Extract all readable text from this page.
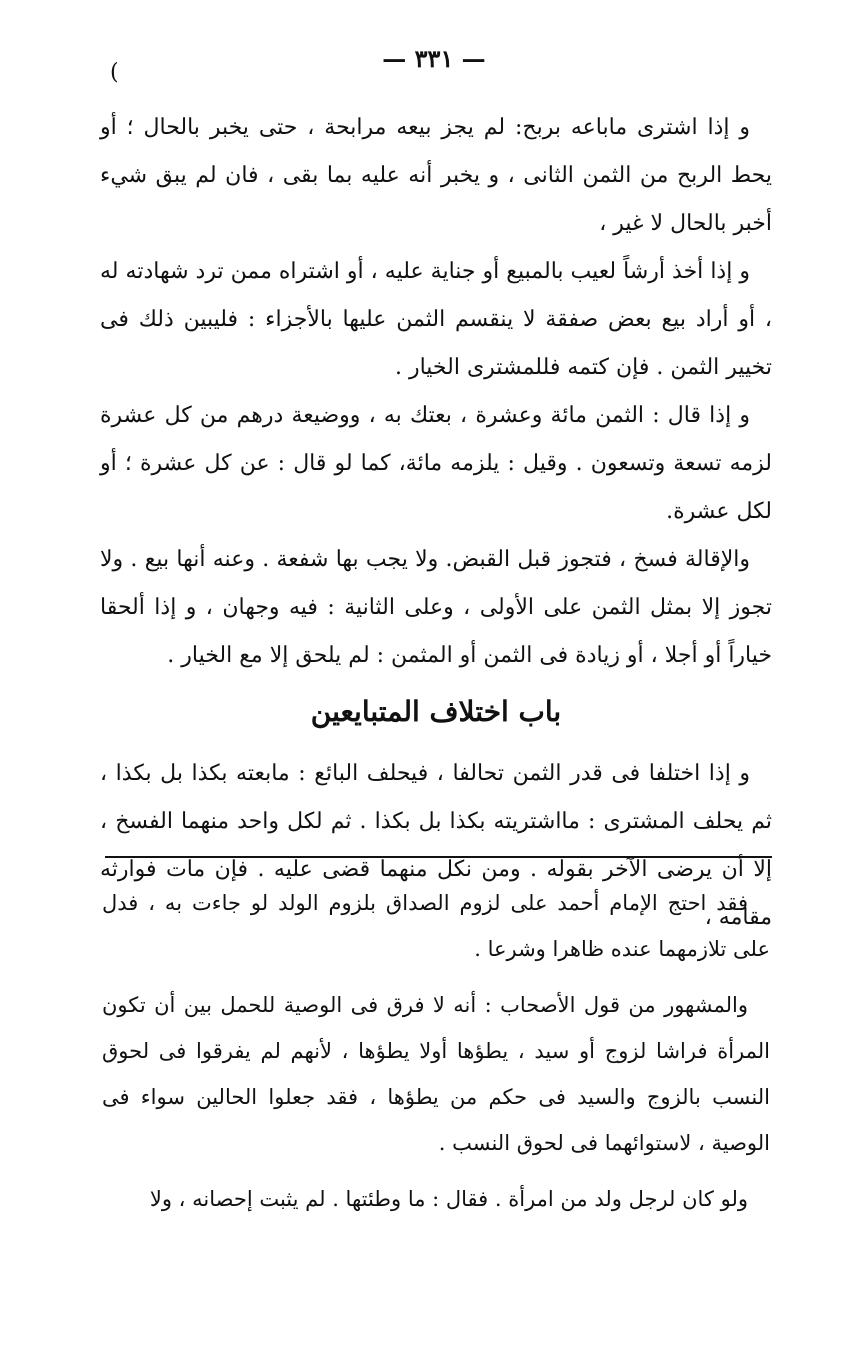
— ٣٣١ —
(

و إذا اشترى ماباعه بربح: لم يجز بيعه مرابحة ، حتى يخبر بالحال ؛ أو يحط الربح من الثمن الثانى ، و يخبر أنه عليه بما بقى ، فان لم يبق شيء أخبر بالحال لا غير ،

و إذا أخذ أرشاً لعيب بالمبيع أو جناية عليه ، أو اشتراه ممن ترد شهادته له ، أو أراد بيع بعض صفقة لا ينقسم الثمن عليها بالأجزاء : فليبين ذلك فى تخيير الثمن . فإن كتمه فللمشترى الخيار .

و إذا قال : الثمن مائة وعشرة ، بعتك به ، ووضيعة درهم من كل عشرة لزمه تسعة وتسعون . وقيل : يلزمه مائة، كما لو قال : عن كل عشرة ؛ أو لكل عشرة.

والإقالة فسخ ، فتجوز قبل القبض. ولا يجب بها شفعة . وعنه أنها بيع . ولا تجوز إلا بمثل الثمن على الأولى ، وعلى الثانية : فيه وجهان ، و إذا ألحقا خياراً أو أجلا ، أو زيادة فى الثمن أو المثمن : لم يلحق إلا مع الخيار .

باب اختلاف المتبايعين

و إذا اختلفا فى قدر الثمن تحالفا ، فيحلف البائع : مابعته بكذا بل بكذا ، ثم يحلف المشترى : مااشتريته بكذا بل بكذا . ثم لكل واحد منهما الفسخ ، إلا أن يرضى الآخر بقوله . ومن نكل منهما قضى عليه . فإن مات فوارثه مقامه ،

فقد احتج الإمام أحمد على لزوم الصداق بلزوم الولد لو جاءت به ، فدل على تلازمهما عنده ظاهرا وشرعا .

والمشهور من قول الأصحاب : أنه لا فرق فى الوصية للحمل بين أن تكون المرأة فراشا لزوج أو سيد ، يطؤها أولا يطؤها ، لأنهم لم يفرقوا فى لحوق النسب بالزوج والسيد فى حكم من يطؤها ، فقد جعلوا الحالين سواء فى الوصية ، لاستوائهما فى لحوق النسب .

ولو كان لرجل ولد من امرأة . فقال : ما وطئتها . لم يثبت إحصانه ، ولا
